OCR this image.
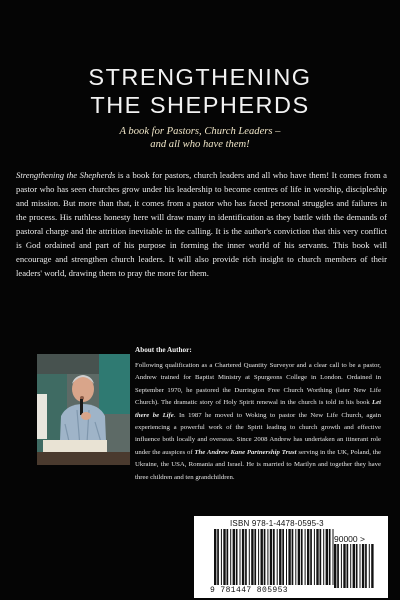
STRENGTHENING
THE SHEPHERDS
A book for Pastors, Church Leaders –
and all who have them!
Strengthening the Shepherds is a book for pastors, church leaders and all who have them! It comes from a pastor who has seen churches grow under his leadership to become centres of life in worship, discipleship and mission. But more than that, it comes from a pastor who has faced personal struggles and failures in the process. His ruthless honesty here will draw many in identification as they battle with the demands of pastoral charge and the attrition inevitable in the calling. It is the author's conviction that this very conflict is God ordained and part of his purpose in forming the inner world of his servants. This book will encourage and strengthen church leaders. It will also provide rich insight to church members of their leaders' world, drawing them to pray the more for them.
About the Author:
Following qualification as a Chartered Quantity Surveyor and a clear call to be a pastor, Andrew trained for Baptist Ministry at Spurgeons College in London. Ordained in September 1970, he pastored the Durrington Free Church Worthing (later New Life Church). The dramatic story of Holy Spirit renewal in the church is told in his book Let there be Life. In 1987 he moved to Woking to pastor the New Life Church, again experiencing a powerful work of the Spirit leading to church growth and effective influence both locally and overseas. Since 2008 Andrew has undertaken an itinerant role under the auspices of The Andrew Kane Partnership Trust serving in the UK, Poland, the Ukraine, the USA, Romania and Israel. He is married to Marilyn and together they have three children and ten grandchildren.
ISBN 978-1-4478-0595-3
90000 >
9 781447 805953
